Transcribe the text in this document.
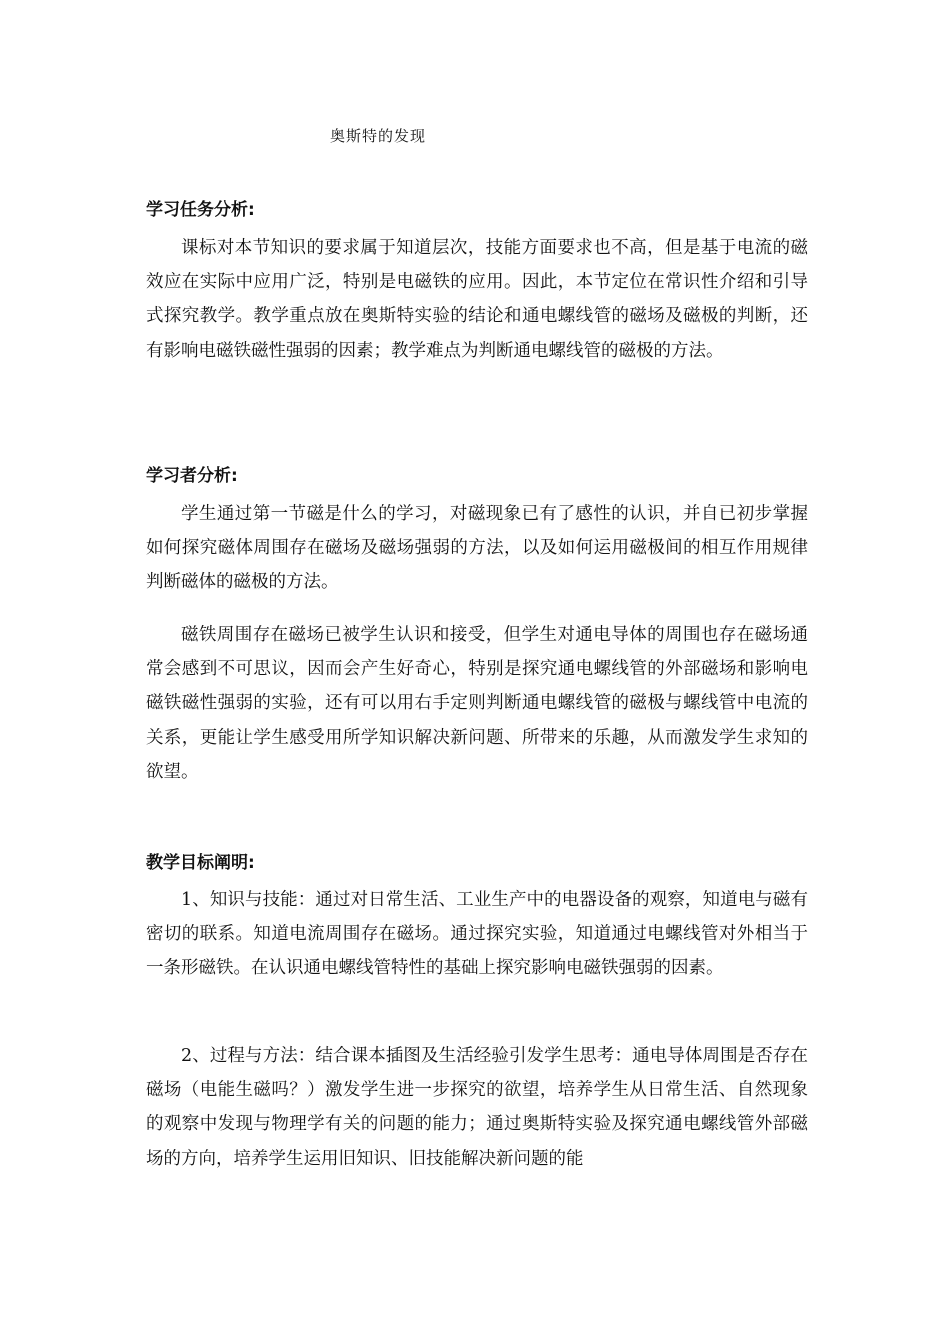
奥斯特的发现
学习任务分析:
课标对本节知识的要求属于知道层次，技能方面要求也不高，但是基于电流的磁效应在实际中应用广泛，特别是电磁铁的应用。因此，本节定位在常识性介绍和引导式探究教学。教学重点放在奥斯特实验的结论和通电螺线管的磁场及磁极的判断，还有影响电磁铁磁性强弱的因素；教学难点为判断通电螺线管的磁极的方法。
学习者分析:
学生通过第一节磁是什么的学习，对磁现象已有了感性的认识，并自已初步掌握如何探究磁体周围存在磁场及磁场强弱的方法，以及如何运用磁极间的相互作用规律判断磁体的磁极的方法。
磁铁周围存在磁场已被学生认识和接受，但学生对通电导体的周围也存在磁场通常会感到不可思议，因而会产生好奇心，特别是探究通电螺线管的外部磁场和影响电磁铁磁性强弱的实验，还有可以用右手定则判断通电螺线管的磁极与螺线管中电流的关系，更能让学生感受用所学知识解决新问题、所带来的乐趣，从而激发学生求知的欲望。
教学目标阐明:
1、知识与技能：通过对日常生活、工业生产中的电器设备的观察，知道电与磁有密切的联系。知道电流周围存在磁场。通过探究实验，知道通过电螺线管对外相当于一条形磁铁。在认识通电螺线管特性的基础上探究影响电磁铁强弱的因素。
2、过程与方法：结合课本插图及生活经验引发学生思考：通电导体周围是否存在磁场（电能生磁吗？）激发学生进一步探究的欲望，培养学生从日常生活、自然现象的观察中发现与物理学有关的问题的能力；通过奥斯特实验及探究通电螺线管外部磁场的方向，培养学生运用旧知识、旧技能解决新问题的能
